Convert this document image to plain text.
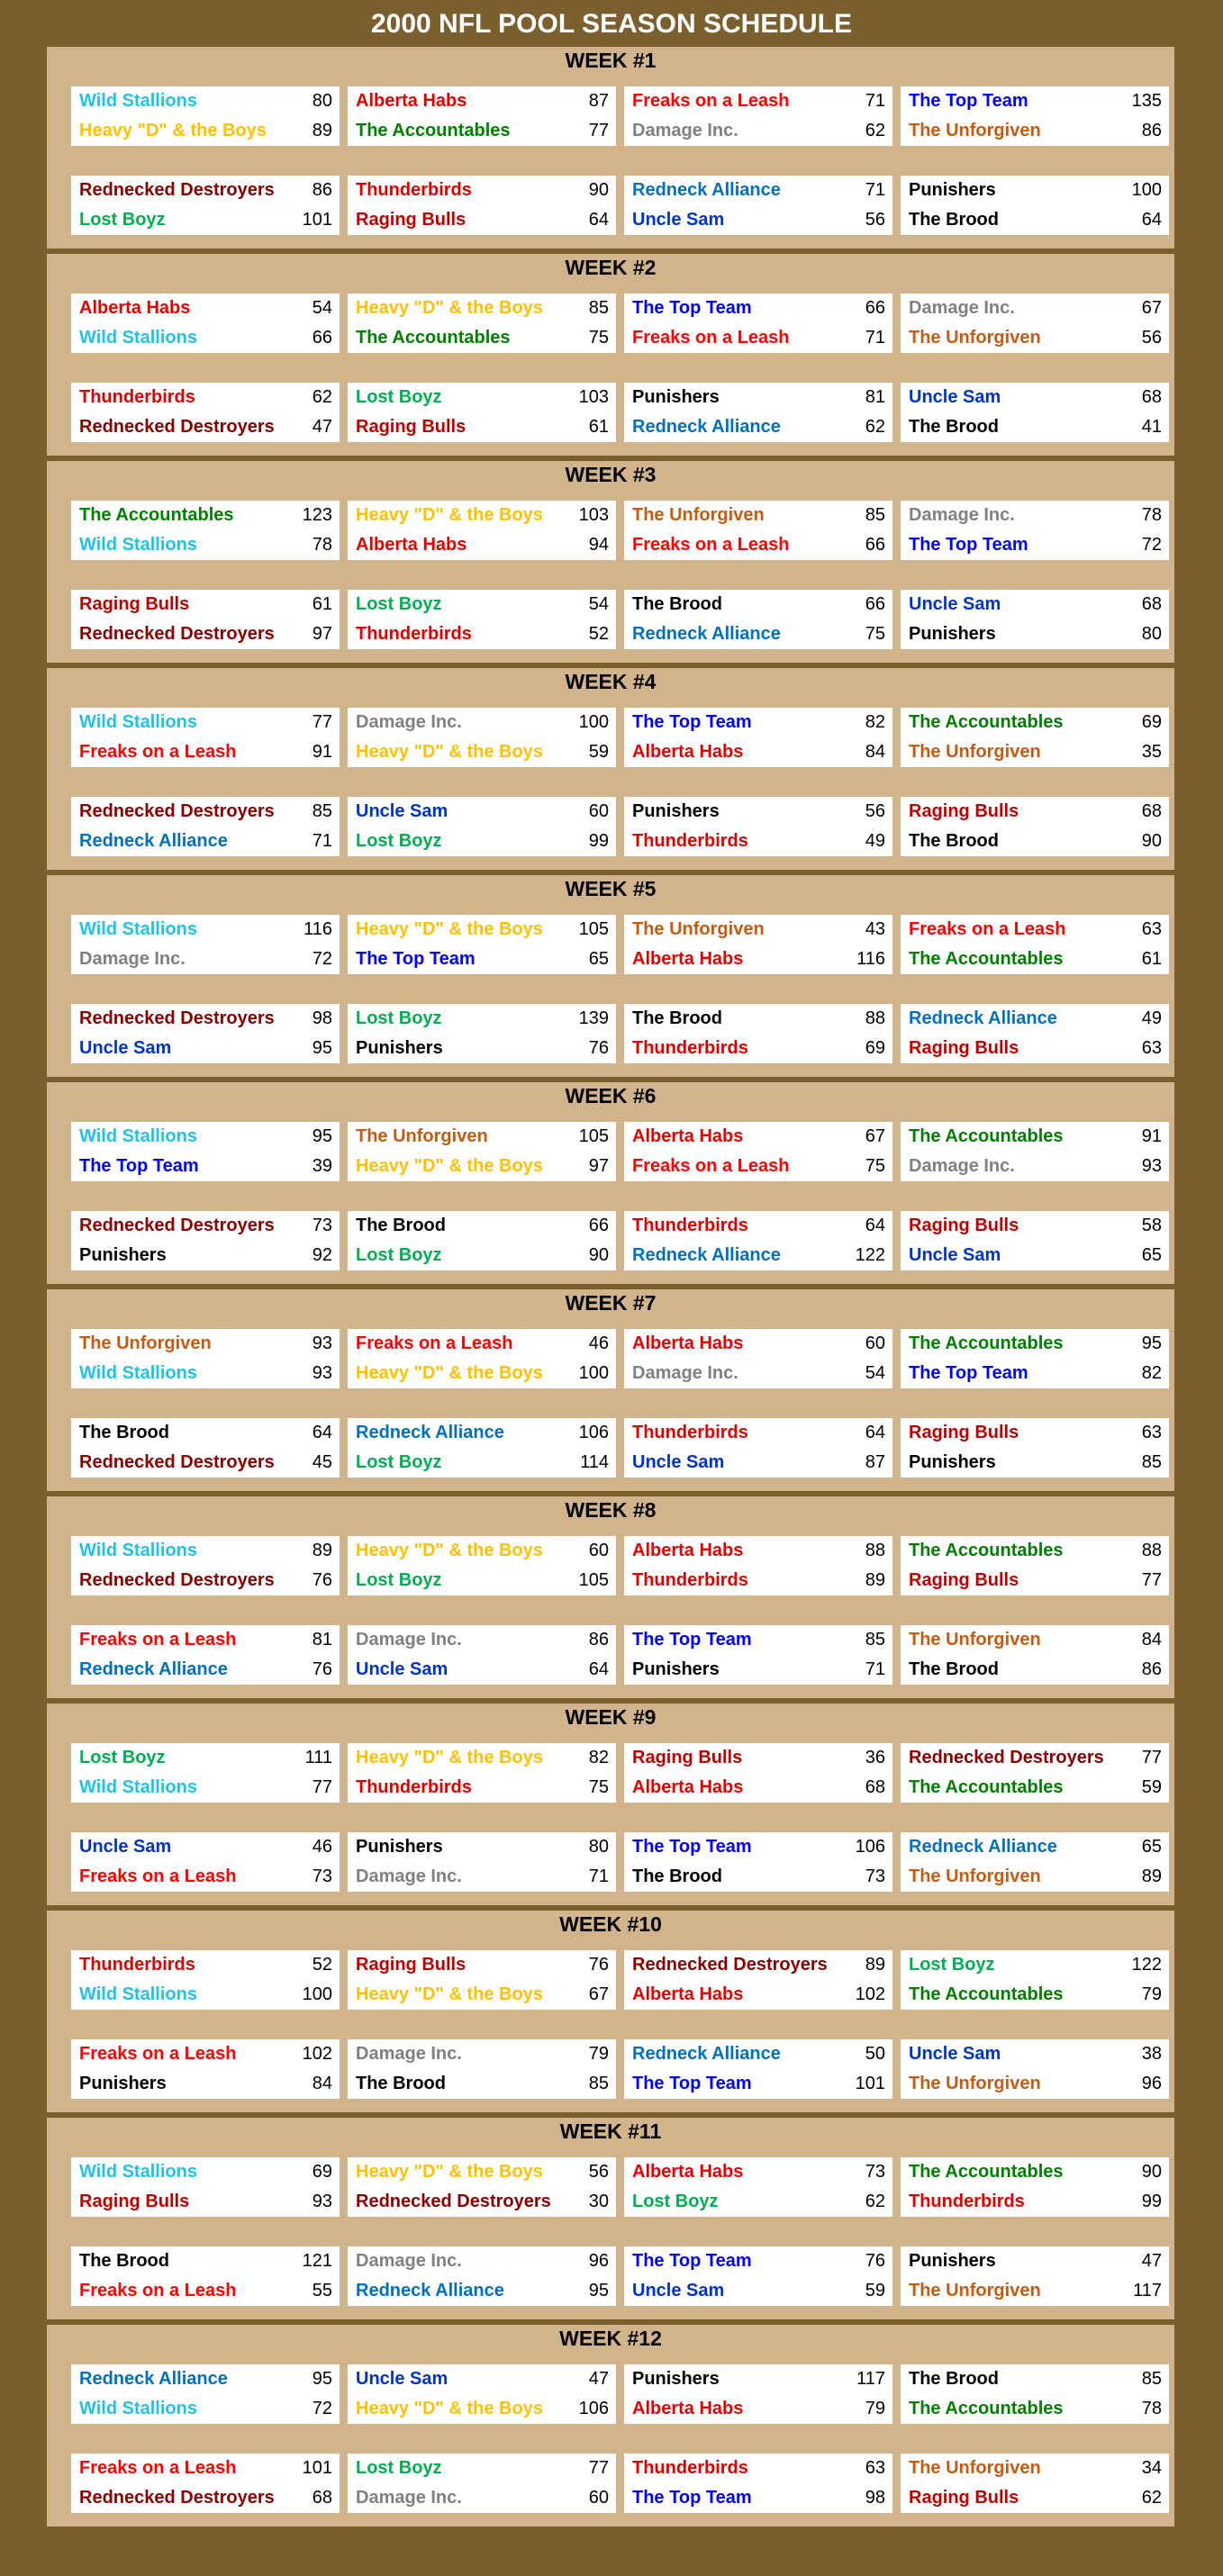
2000 NFL POOL SEASON SCHEDULE
WEEK #1
Wild Stallions	80
Heavy "D" & the Boys	89
Alberta Habs	87
The Accountables	77
Freaks on a Leash	71
Damage Inc.	62
The Top Team	135
The Unforgiven	86
Rednecked Destroyers 86
Lost Boyz	101
Thunderbirds	90
Raging Bulls	64
Redneck Alliance	71
Uncle Sam	56
Punishers	100
The Brood	64
WEEK #2
Alberta Habs	54
Wild Stallions	66
Heavy "D" & the Boys	85
The Accountables	75
The Top Team	66
Freaks on a Leash	71
Damage Inc.	67
The Unforgiven	56
Thunderbirds	62
Rednecked Destroyers 47
Lost Boyz	103
Raging Bulls	61
Punishers	81
Redneck Alliance	62
Uncle Sam	68
The Brood	41
WEEK #3
The Accountables	123
Wild Stallions	78
Heavy "D" & the Boys 103
Alberta Habs	94
The Unforgiven	85
Freaks on a Leash	66
Damage Inc.	78
The Top Team	72
Raging Bulls	61
Rednecked Destroyers 97
Lost Boyz	54
Thunderbirds	52
The Brood	66
Redneck Alliance	75
Uncle Sam	68
Punishers	80
WEEK #4
Wild Stallions	77
Freaks on a Leash	91
Damage Inc.	100
Heavy "D" & the Boys	59
The Top Team	82
Alberta Habs	84
The Accountables	69
The Unforgiven	35
Rednecked Destroyers 85
Redneck Alliance	71
Uncle Sam	60
Lost Boyz	99
Punishers	56
Thunderbirds	49
Raging Bulls	68
The Brood	90
WEEK #5
Wild Stallions	116
Damage Inc.	72
Heavy "D" & the Boys 105
The Top Team	65
The Unforgiven	43
Alberta Habs	116
Freaks on a Leash	63
The Accountables	61
Rednecked Destroyers 98
Uncle Sam	95
Lost Boyz	139
Punishers	76
The Brood	88
Thunderbirds	69
Redneck Alliance	49
Raging Bulls	63
WEEK #6
Wild Stallions	95
The Top Team	39
The Unforgiven	105
Heavy "D" & the Boys	97
Alberta Habs	67
Freaks on a Leash	75
The Accountables	91
Damage Inc.	93
Rednecked Destroyers 73
Punishers	92
The Brood	66
Lost Boyz	90
Thunderbirds	64
Redneck Alliance	122
Raging Bulls	58
Uncle Sam	65
WEEK #7
The Unforgiven	93
Wild Stallions	93
Freaks on a Leash	46
Heavy "D" & the Boys 100
Alberta Habs	60
Damage Inc.	54
The Accountables	95
The Top Team	82
The Brood	64
Rednecked Destroyers 45
Redneck Alliance	106
Lost Boyz	114
Thunderbirds	64
Uncle Sam	87
Raging Bulls	63
Punishers	85
WEEK #8
Wild Stallions	89
Rednecked Destroyers 76
Heavy "D" & the Boys	60
Lost Boyz	105
Alberta Habs	88
Thunderbirds	89
The Accountables	88
Raging Bulls	77
Freaks on a Leash	81
Redneck Alliance	76
Damage Inc.	86
Uncle Sam	64
The Top Team	85
Punishers	71
The Unforgiven	84
The Brood	86
WEEK #9
Lost Boyz	111
Wild Stallions	77
Heavy "D" & the Boys	82
Thunderbirds	75
Raging Bulls	36
Alberta Habs	68
Rednecked Destroyers 77
The Accountables	59
Uncle Sam	46
Freaks on a Leash	73
Punishers	80
Damage Inc.	71
The Top Team	106
The Brood	73
Redneck Alliance	65
The Unforgiven	89
WEEK #10
Thunderbirds	52
Wild Stallions	100
Raging Bulls	76
Heavy "D" & the Boys	67
Rednecked Destroyers 89
Alberta Habs	102
Lost Boyz	122
The Accountables	79
Freaks on a Leash	102
Punishers	84
Damage Inc.	79
The Brood	85
Redneck Alliance	50
The Top Team	101
Uncle Sam	38
The Unforgiven	96
WEEK #11
Wild Stallions	69
Raging Bulls	93
Heavy "D" & the Boys	56
Rednecked Destroyers 30
Alberta Habs	73
Lost Boyz	62
The Accountables	90
Thunderbirds	99
The Brood	121
Freaks on a Leash	55
Damage Inc.	96
Redneck Alliance	95
The Top Team	76
Uncle Sam	59
Punishers	47
The Unforgiven	117
WEEK #12
Redneck Alliance	95
Wild Stallions	72
Uncle Sam	47
Heavy "D" & the Boys 106
Punishers	117
Alberta Habs	79
The Brood	85
The Accountables	78
Freaks on a Leash	101
Rednecked Destroyers 68
Lost Boyz	77
Damage Inc.	60
Thunderbirds	63
The Top Team	98
The Unforgiven	34
Raging Bulls	62
